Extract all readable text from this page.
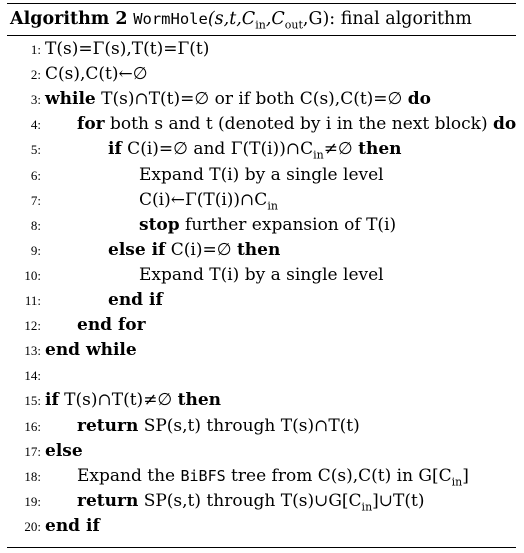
Algorithm 2 $WormHole(s,t,C_{in},C_{out},G)$: final algorithm
1: T(s)=Γ(s),T(t)=Γ(t)
2: C(s),C(t)←∅
3: while T(s)∩T(t)=∅ or if both C(s),C(t)=∅ do
4: for both s and t (denoted by i in the next block) do
5:	if C(i)=∅ and $\Gamma(T(i))\cap C_{in}\ne\emptyset$ then
6:	Expand T(i) by a single level
7:	$C(i)\leftarrow\Gamma(T(i))\cap C_{in}$
8:	stop further expansion of T(i)
9:	else if C(i)=∅ then
10:	Expand T(i) by a single level
11:	end if
12: end for
13: end while
14:
15: if T(s)∩T(t)≠∅ then
16: return SP(s,t) through T(s)∩T(t)
17: else
18: Expand the BiBFS tree from C(s),C(t) in $G[C_{in}]$
19: return SP(s,t) through $T(s)\cup G[C_{in}]\cup T(t)$
20: end if
